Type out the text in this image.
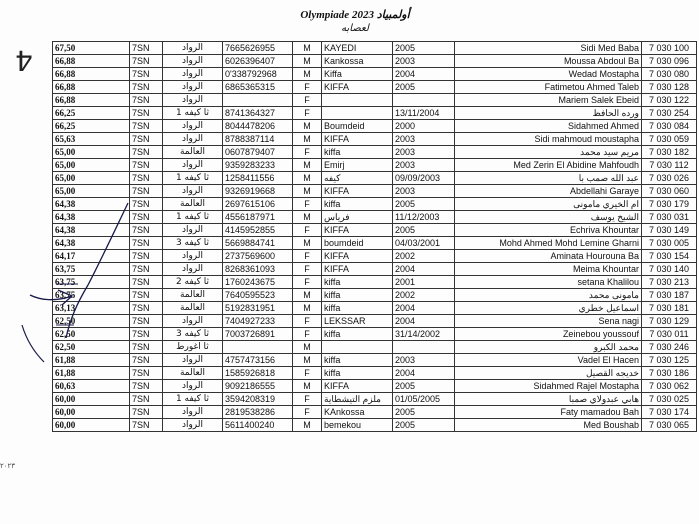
Olympiade 2023 أولمبياد
لعصابه
4
٢٠٢٣
67,50	7SN	الرواد	7665626955	M	KAYEDI	2005	Sidi Med Baba	7 030 100
66,88	7SN	الرواد	6026396407	M	Kankossa	2003	Moussa Abdoul Ba	7 030 096
66,88	7SN	الرواد	0'338792968	M	Kiffa	2004	Wedad Mostapha	7 030 080
66,88	7SN	الرواد	6865365315	F	KIFFA	2005	Fatimetou Ahmed Taleb	7 030 128
66,88	7SN	الرواد		F			Mariem Salek Ebeid	7 030 122
66,25	7SN	ثا كيفه 1	8741364327	F		13/11/2004	ورده الحافظ	7 030 254
66,25	7SN	الرواد	8044478206	M	Boumdeid	2000	Sidahmed Ahmed	7 030 084
65,63	7SN	الرواد	8788387114	M	KIFFA	2003	Sidi mahmoud moustapha	7 030 059
65,00	7SN	العالمة	0607879407	F	kiffa	2003	مريم سيد محمد	7 030 182
65,00	7SN	الرواد	9359283233	M	Emirj	2003	Med Zerin El Abidine Mahfoudh	7 030 112
65,00	7SN	ثا كيفه 1	1258411556	M	كيفه	09/09/2003	عبد الله صمب با	7 030 026
65,00	7SN	الرواد	9326919668	M	KIFFA	2003	Abdellahi Garaye	7 030 060
64,38	7SN	العالمة	2697615106	F	kiffa	2005	ام الخيري مامونى	7 030 179
64,38	7SN	ثا كيفه 1	4556187971	M	فرياس	11/12/2003	الشيخ يوسف	7 030 031
64,38	7SN	الرواد	4145952855	F	KIFFA	2005	Echriva Khountar	7 030 149
64,38	7SN	ثا كيفه 3	5669884741	M	boumdeid	04/03/2001	Mohd Ahmed Mohd Lemine Gharni	7 030 005
64,17	7SN	الرواد	2737569600	F	KIFFA	2002	Aminata Hourouna Ba	7 030 154
63,75	7SN	الرواد	8268361093	F	KIFFA	2004	Meima Khountar	7 030 140
63,75	7SN	ثا كيفه 2	1760243675	F	kiffa	2001	setana Khalilou	7 030 213
63,75	7SN	العالمة	7640595523	M	kiffa	2002	مامونى محمد	7 030 187
63,13	7SN	العالمة	5192831951	M	kiffa	2004	اسماعيل خطري	7 030 181
62,50	7SN	الرواد	7404927233	F	LEKSSAR	2004	Sena nagi	7 030 129
62,50	7SN	ثا كيفه 3	7003726891	F	kiffa	31/14/2002	Zeinebou youssouf	7 030 011
62,50	7SN	ثا اغورط		M			محمد الكبرو	7 030 246
61,88	7SN	الرواد	4757473156	M	kiffa	2003	Vadel El Hacen	7 030 125
61,88	7SN	العالمة	1585926818	F	kiffa	2004	خديجه القصيل	7 030 186
60,63	7SN	الرواد	9092186555	M	KIFFA	2005	Sidahmed Rajel Mostapha	7 030 062
60,00	7SN	ثا كيفه 1	3594208319	F	ملزم التيشطاية	01/05/2005	هابي عبدولاي صمبا	7 030 025
60,00	7SN	الرواد	2819538286	F	KAnkossa	2005	Faty mamadou Bah	7 030 174
60,00	7SN	الرواد	5611400240	M	bemekou	2005	Med Boushab	7 030 065
